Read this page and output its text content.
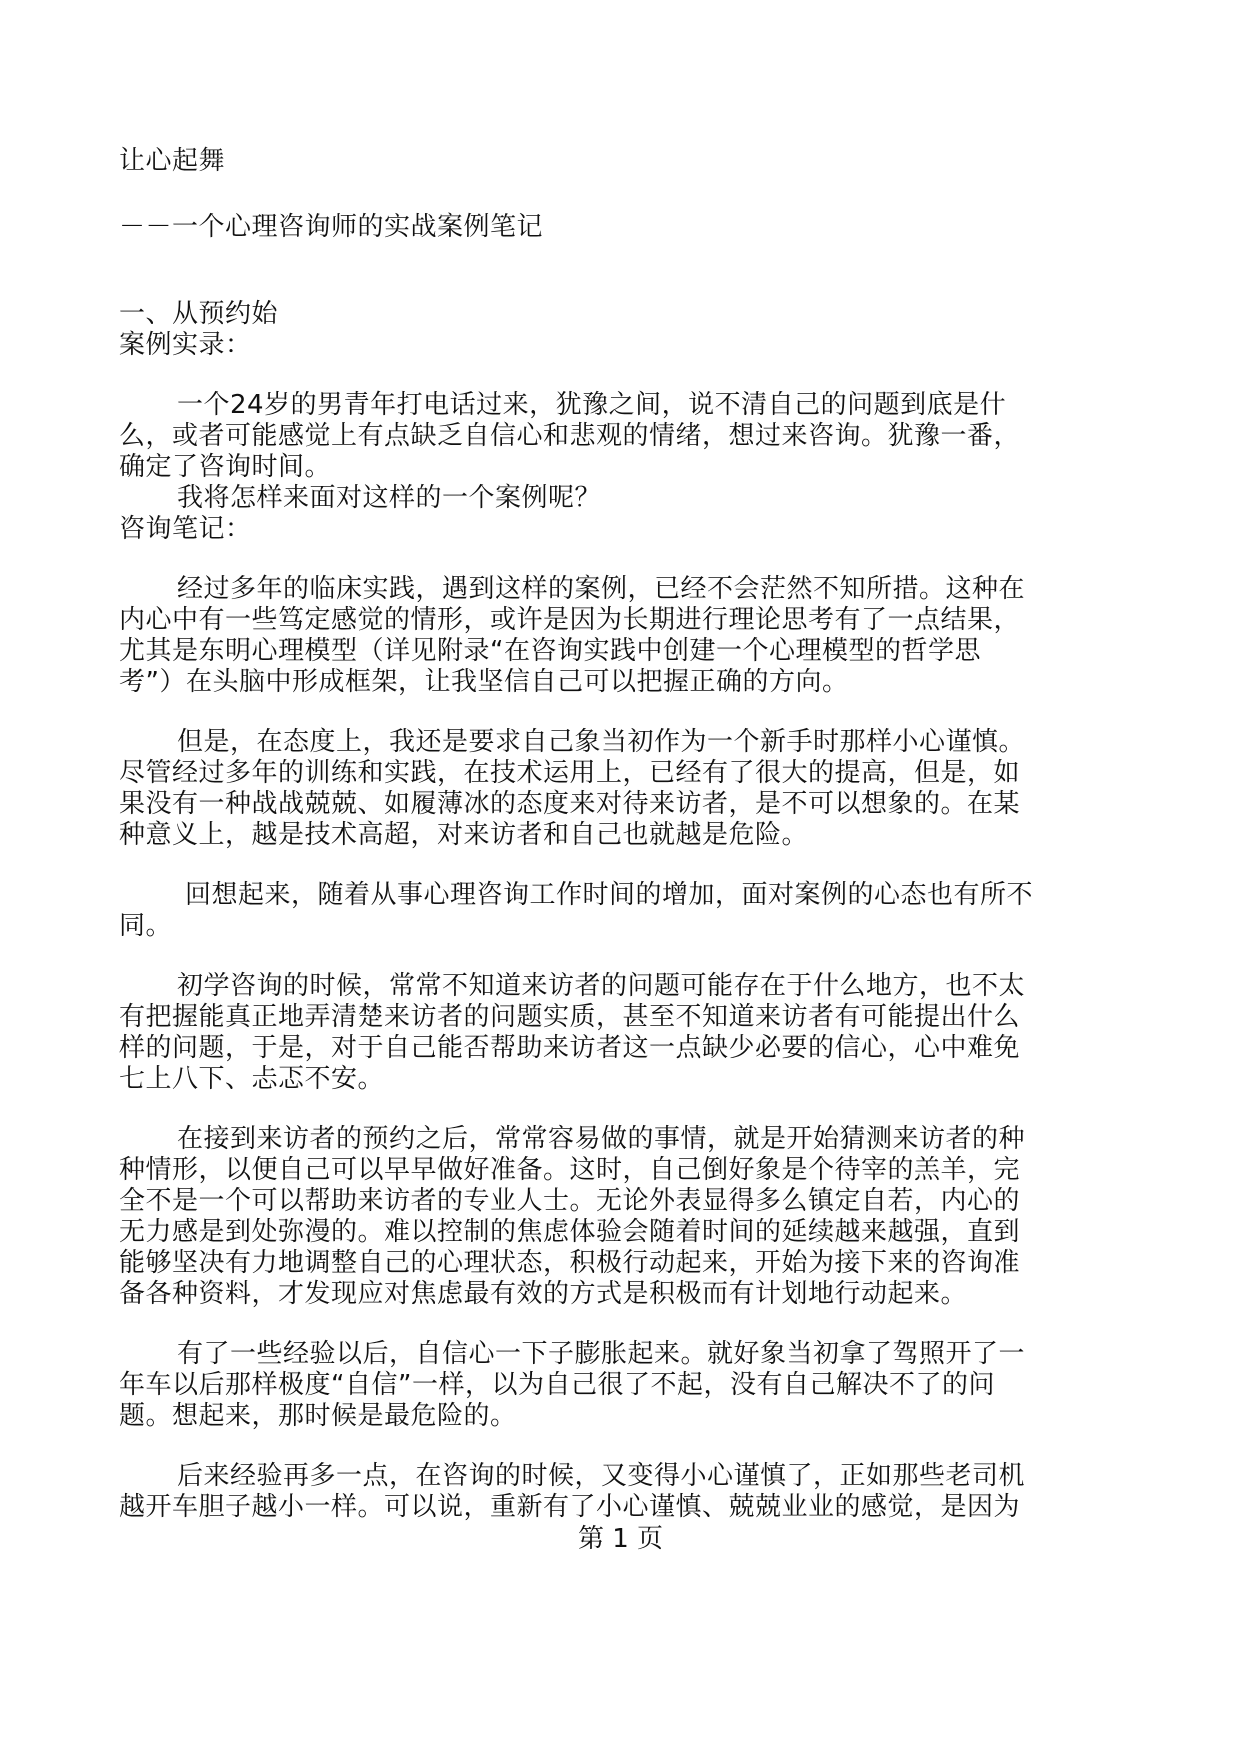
让心起舞
－－一个心理咨询师的实战案例笔记
一、从预约始
案例实录：
一个24岁的男青年打电话过来，犹豫之间，说不清自己的问题到底是什
么，或者可能感觉上有点缺乏自信心和悲观的情绪，想过来咨询。犹豫一番，
确定了咨询时间。
我将怎样来面对这样的一个案例呢？
咨询笔记：
经过多年的临床实践，遇到这样的案例，已经不会茫然不知所措。这种在
内心中有一些笃定感觉的情形，或许是因为长期进行理论思考有了一点结果，
尤其是东明心理模型（详见附录“在咨询实践中创建一个心理模型的哲学思
考”）在头脑中形成框架，让我坚信自己可以把握正确的方向。
但是，在态度上，我还是要求自己象当初作为一个新手时那样小心谨慎。
尽管经过多年的训练和实践，在技术运用上，已经有了很大的提高，但是，如
果没有一种战战兢兢、如履薄冰的态度来对待来访者，是不可以想象的。在某
种意义上，越是技术高超，对来访者和自己也就越是危险。
回想起来，随着从事心理咨询工作时间的增加，面对案例的心态也有所不
同。
初学咨询的时候，常常不知道来访者的问题可能存在于什么地方，也不太
有把握能真正地弄清楚来访者的问题实质，甚至不知道来访者有可能提出什么
样的问题，于是，对于自己能否帮助来访者这一点缺少必要的信心，心中难免
七上八下、忐忑不安。
在接到来访者的预约之后，常常容易做的事情，就是开始猜测来访者的种
种情形，以便自己可以早早做好准备。这时，自己倒好象是个待宰的羔羊，完
全不是一个可以帮助来访者的专业人士。无论外表显得多么镇定自若，内心的
无力感是到处弥漫的。难以控制的焦虑体验会随着时间的延续越来越强，直到
能够坚决有力地调整自己的心理状态，积极行动起来，开始为接下来的咨询准
备各种资料，才发现应对焦虑最有效的方式是积极而有计划地行动起来。
有了一些经验以后，自信心一下子膨胀起来。就好象当初拿了驾照开了一
年车以后那样极度“自信”一样，以为自己很了不起，没有自己解决不了的问
题。想起来，那时候是最危险的。
后来经验再多一点，在咨询的时候，又变得小心谨慎了，正如那些老司机
越开车胆子越小一样。可以说，重新有了小心谨慎、兢兢业业的感觉，是因为
第 1 页
